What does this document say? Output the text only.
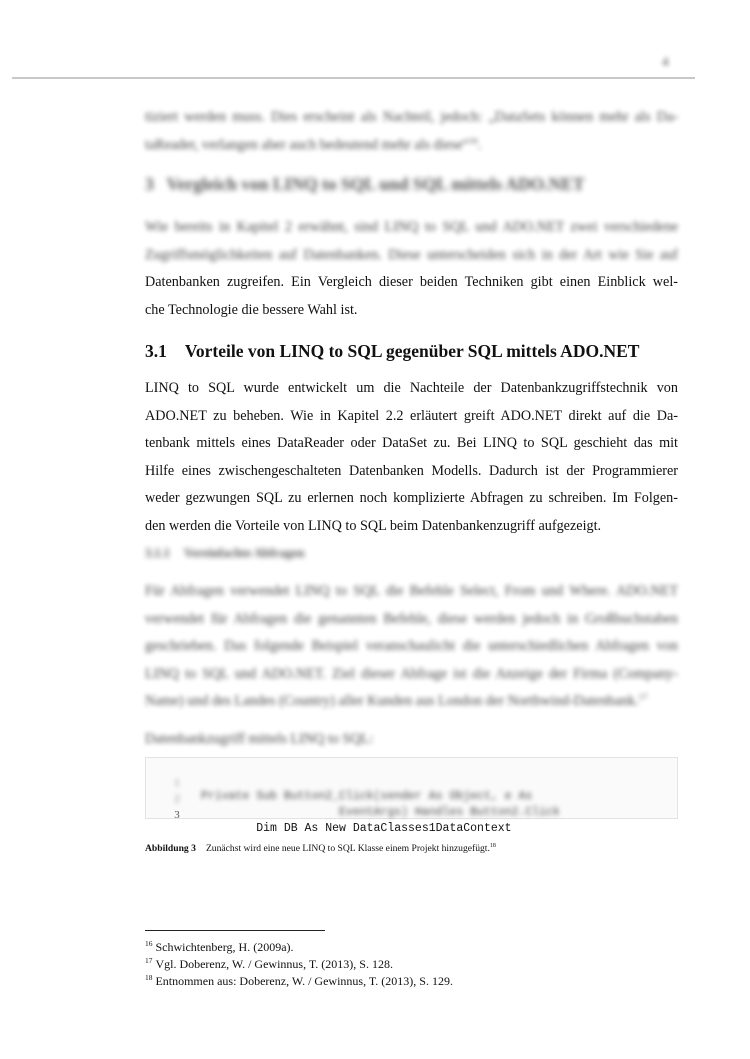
4
tiziert werden muss. Dies erscheint als Nachteil, jedoch: „DataSets können mehr als Da-
taReader, verlangen aber auch bedeutend mehr als diese“$^{16}$.
3 Vergleich von LINQ to SQL und SQL mittels ADO.NET
Wie bereits in Kapitel 2 erwähnt, sind LINQ to SQL und ADO.NET zwei verschiedene
Zugriffsmöglichkeiten auf Datenbanken. Diese unterscheiden sich in der Art wie Sie auf
Datenbanken zugreifen. Ein Vergleich dieser beiden Techniken gibt einen Einblick wel-
che Technologie die bessere Wahl ist.
3.1 Vorteile von LINQ to SQL gegenüber SQL mittels ADO.NET
LINQ to SQL wurde entwickelt um die Nachteile der Datenbankzugriffstechnik von
ADO.NET zu beheben. Wie in Kapitel 2.2 erläutert greift ADO.NET direkt auf die Da-
tenbank mittels eines DataReader oder DataSet zu. Bei LINQ to SQL geschieht das mit
Hilfe eines zwischengeschalteten Datenbanken Modells. Dadurch ist der Programmierer
weder gezwungen SQL zu erlernen noch komplizierte Abfragen zu schreiben. Im Folgen-
den werden die Vorteile von LINQ to SQL beim Datenbankenzugriff aufgezeigt.
3.1.1 Vereinfachte Abfragen
Für Abfragen verwendet LINQ to SQL die Befehle Select, From und Where. ADO.NET
verwendet für Abfragen die genannten Befehle, diese werden jedoch in Großbuchstaben
geschrieben. Das folgende Beispiel veranschaulicht die unterschiedlichen Abfragen von
LINQ to SQL und ADO.NET. Ziel dieser Abfrage ist die Anzeige der Firma (Company-
Name) und des Landes (Country) aller Kunden aus London der Northwind-Datenbank.$^{17}$
Datenbankzugriff mittels LINQ to SQL:

1

Private Sub Button2_Click(sender As Object, e As

2

EventArgs) Handles Button2.Click

3

Dim DB As New DataClasses1DataContext

Abbildung 3 Zunächst wird eine neue LINQ to SQL Klasse einem Projekt hinzugefügt.$^{18}$
$^{16}$ Schwichtenberg, H. (2009a).
$^{17}$ Vgl. Doberenz, W. / Gewinnus, T. (2013), S. 128.
$^{18}$ Entnommen aus: Doberenz, W. / Gewinnus, T. (2013), S. 129.
